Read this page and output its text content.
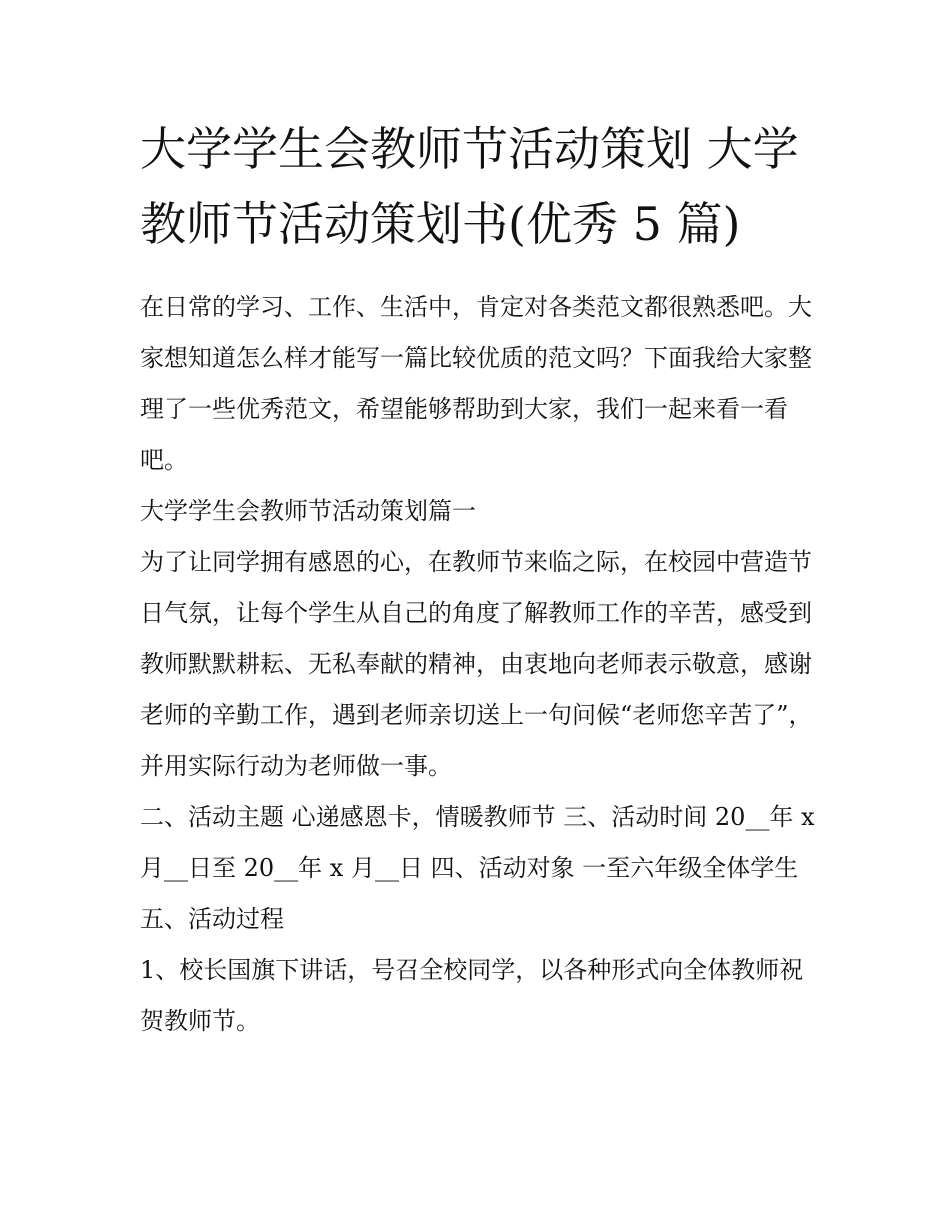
大学学生会教师节活动策划 大学教师节活动策划书(优秀 5 篇)

在日常的学习、工作、生活中，肯定对各类范文都很熟悉吧。大家想知道怎么样才能写一篇比较优质的范文吗？下面我给大家整理了一些优秀范文，希望能够帮助到大家，我们一起来看一看吧。

大学学生会教师节活动策划篇一

为了让同学拥有感恩的心，在教师节来临之际，在校园中营造节日气氛，让每个学生从自己的角度了解教师工作的辛苦，感受到教师默默耕耘、无私奉献的精神，由衷地向老师表示敬意，感谢老师的辛勤工作，遇到老师亲切送上一句问候“老师您辛苦了”，并用实际行动为老师做一事。

二、活动主题 心递感恩卡，情暖教师节 三、活动时间 20__年 x 月__日至 20__年 x 月__日 四、活动对象 一至六年级全体学生 五、活动过程

1、校长国旗下讲话，号召全校同学，以各种形式向全体教师祝贺教师节。
